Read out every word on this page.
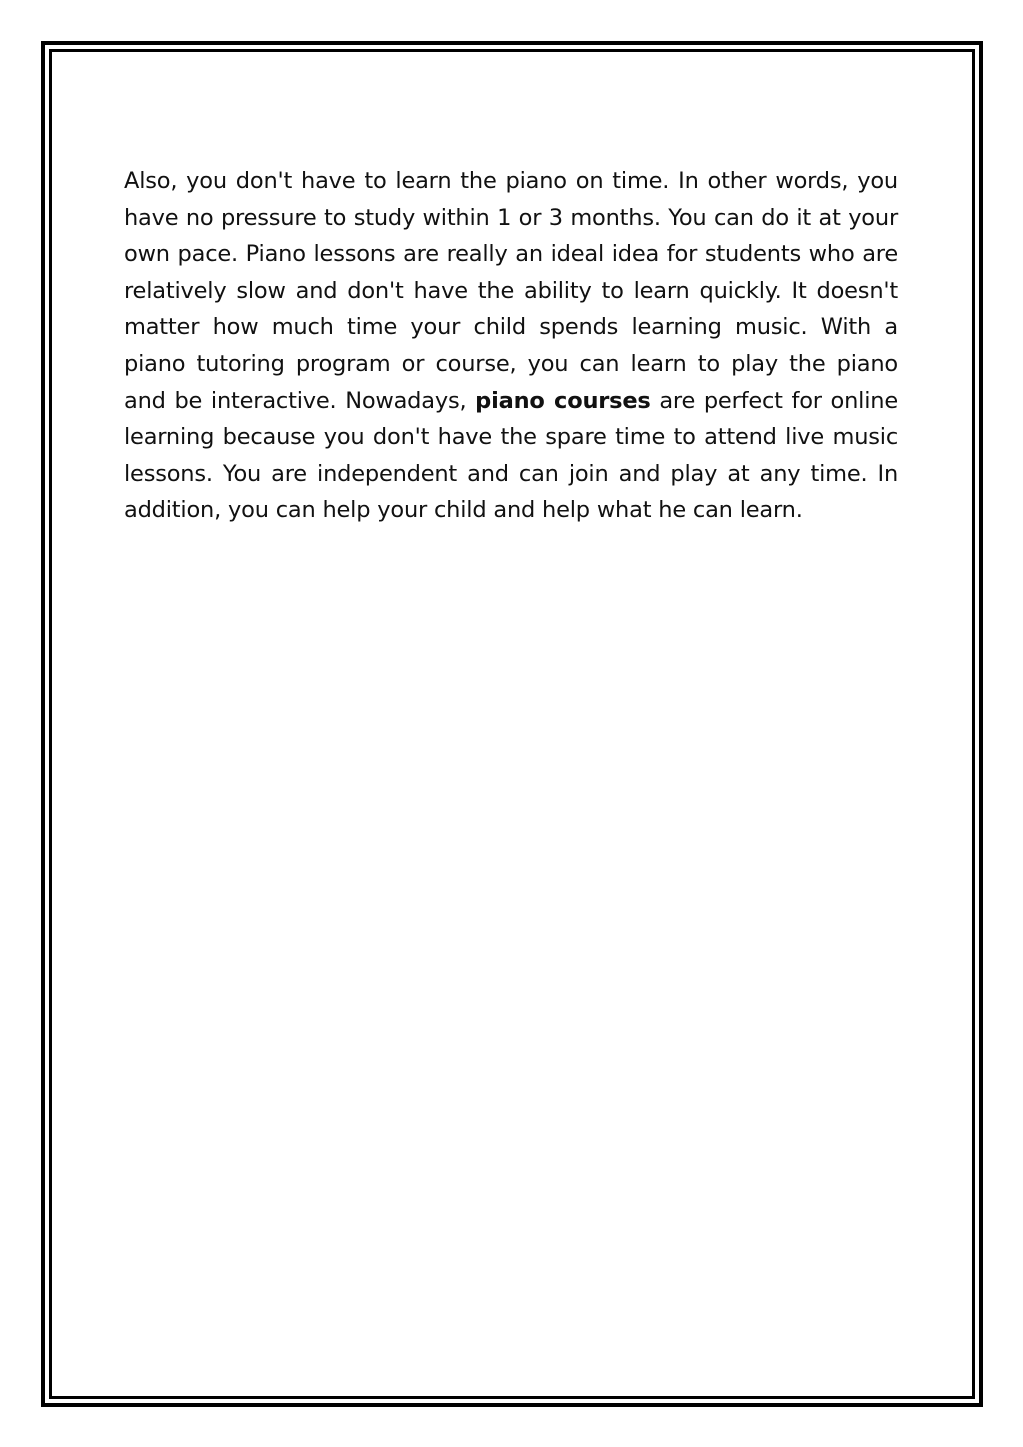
Also, you don't have to learn the piano on time. In other words, you have no pressure to study within 1 or 3 months. You can do it at your own pace. Piano lessons are really an ideal idea for students who are relatively slow and don't have the ability to learn quickly. It doesn't matter how much time your child spends learning music. With a piano tutoring program or course, you can learn to play the piano and be interactive. Nowadays, piano courses are perfect for online learning because you don't have the spare time to attend live music lessons. You are independent and can join and play at any time. In addition, you can help your child and help what he can learn.
